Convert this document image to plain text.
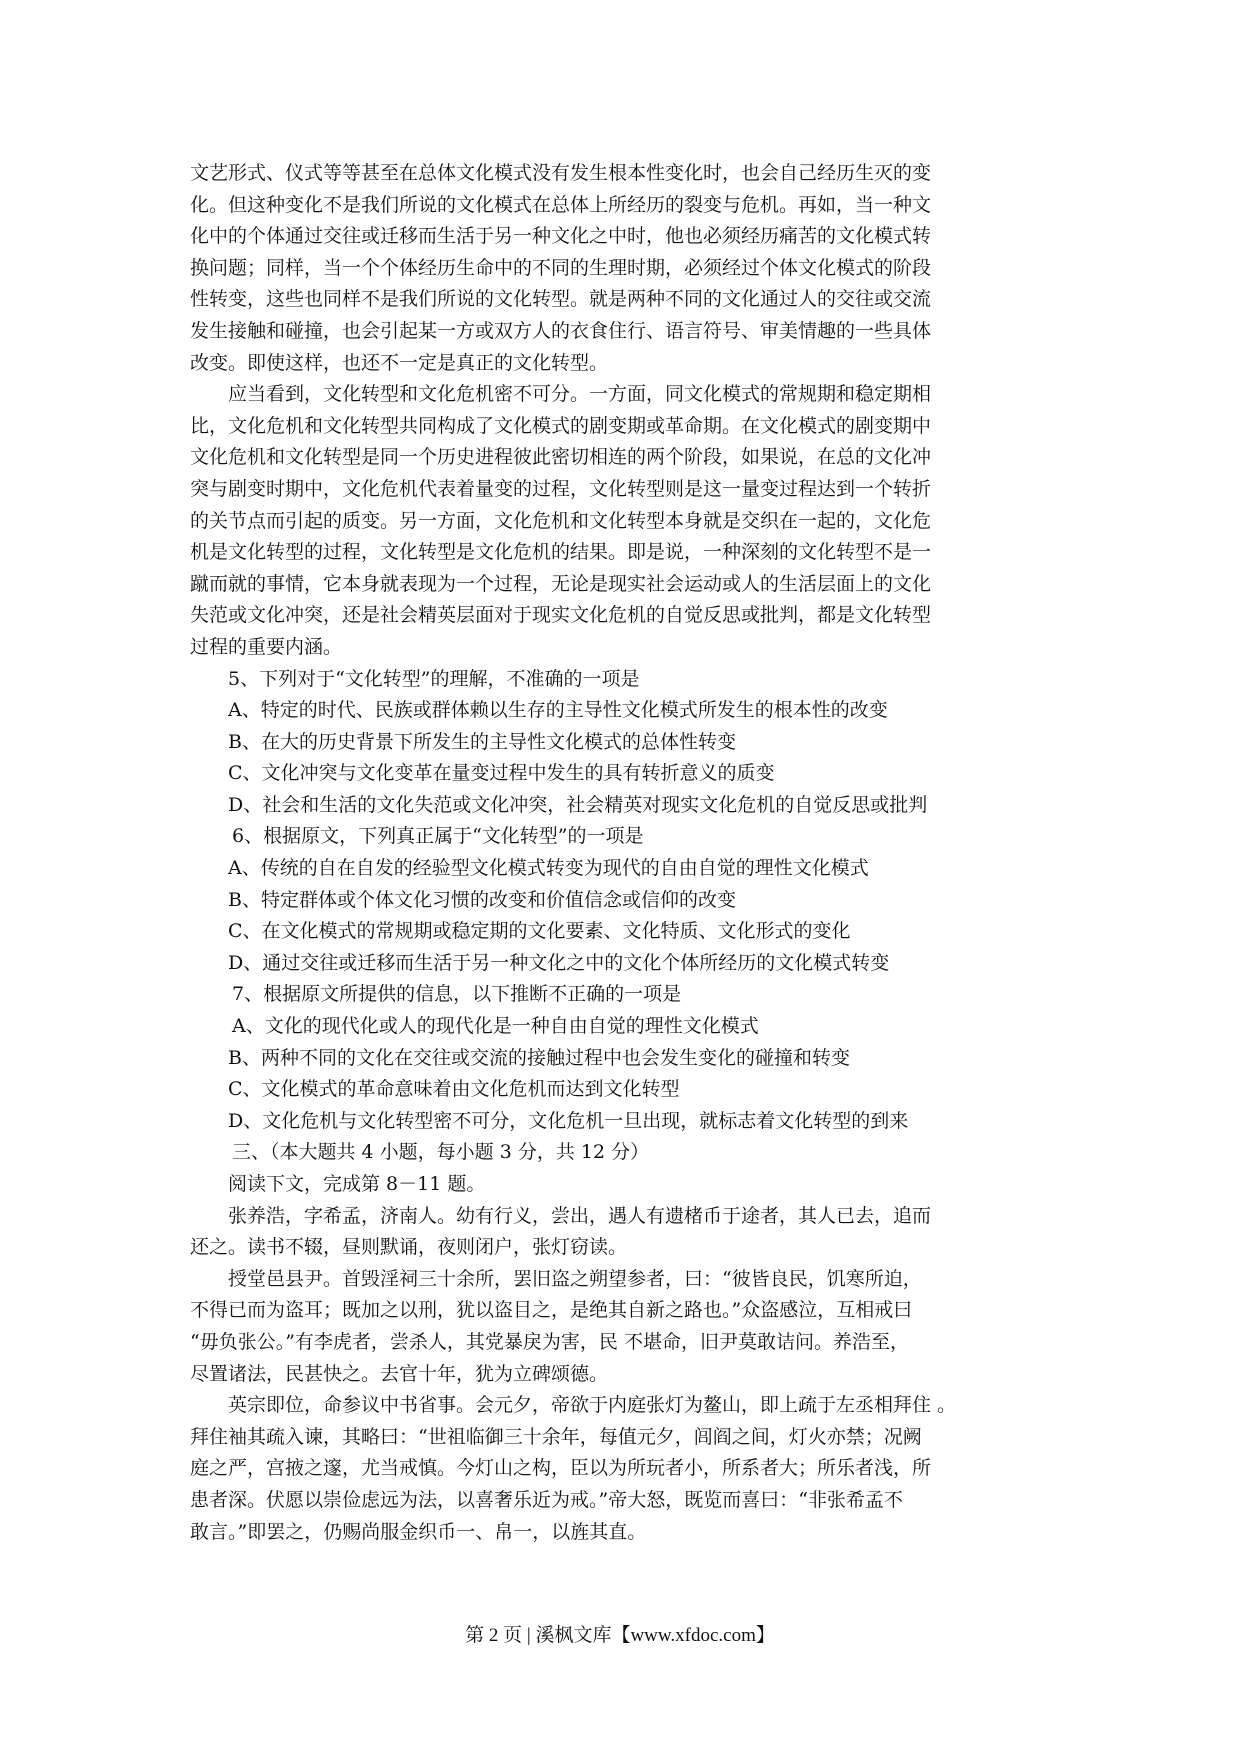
文艺形式、仪式等等甚至在总体文化模式没有发生根本性变化时，也会自己经历生灭的变
化。但这种变化不是我们所说的文化模式在总体上所经历的裂变与危机。再如，当一种文
化中的个体通过交往或迁移而生活于另一种文化之中时，他也必须经历痛苦的文化模式转
换问题；同样，当一个个体经历生命中的不同的生理时期，必须经过个体文化模式的阶段
性转变，这些也同样不是我们所说的文化转型。就是两种不同的文化通过人的交往或交流
发生接触和碰撞，也会引起某一方或双方人的衣食住行、语言符号、审美情趣的一些具体
改变。即使这样，也还不一定是真正的文化转型。
应当看到，文化转型和文化危机密不可分。一方面，同文化模式的常规期和稳定期相
比，文化危机和文化转型共同构成了文化模式的剧变期或革命期。在文化模式的剧变期中
文化危机和文化转型是同一个历史进程彼此密切相连的两个阶段，如果说，在总的文化冲
突与剧变时期中，文化危机代表着量变的过程，文化转型则是这一量变过程达到一个转折
的关节点而引起的质变。另一方面，文化危机和文化转型本身就是交织在一起的，文化危
机是文化转型的过程，文化转型是文化危机的结果。即是说，一种深刻的文化转型不是一
蹴而就的事情，它本身就表现为一个过程，无论是现实社会运动或人的生活层面上的文化
失范或文化冲突，还是社会精英层面对于现实文化危机的自觉反思或批判，都是文化转型
过程的重要内涵。
5、下列对于“文化转型”的理解，不准确的一项是
A、特定的时代、民族或群体赖以生存的主导性文化模式所发生的根本性的改变
B、在大的历史背景下所发生的主导性文化模式的总体性转变
C、文化冲突与文化变革在量变过程中发生的具有转折意义的质变
D、社会和生活的文化失范或文化冲突，社会精英对现实文化危机的自觉反思或批判
6、根据原文，下列真正属于“文化转型”的一项是
A、传统的自在自发的经验型文化模式转变为现代的自由自觉的理性文化模式
B、特定群体或个体文化习惯的改变和价值信念或信仰的改变
C、在文化模式的常规期或稳定期的文化要素、文化特质、文化形式的变化
D、通过交往或迁移而生活于另一种文化之中的文化个体所经历的文化模式转变
7、根据原文所提供的信息，以下推断不正确的一项是
A、文化的现代化或人的现代化是一种自由自觉的理性文化模式
B、两种不同的文化在交往或交流的接触过程中也会发生变化的碰撞和转变
C、文化模式的革命意味着由文化危机而达到文化转型
D、文化危机与文化转型密不可分，文化危机一旦出现，就标志着文化转型的到来
三、（本大题共 4 小题，每小题 3 分，共 12 分）
阅读下文，完成第 8－11 题。
张养浩，字希孟，济南人。幼有行义，尝出，遇人有遗楮币于途者，其人已去，追而
还之。读书不辍，昼则默诵，夜则闭户，张灯窃读。
授堂邑县尹。首毁淫祠三十余所，罢旧盗之朔望参者，曰：“彼皆良民，饥寒所迫，
不得已而为盗耳；既加之以刑，犹以盗目之，是绝其自新之路也。”众盗感泣，互相戒曰
“毋负张公。”有李虎者，尝杀人，其党暴戾为害，民 不堪命，旧尹莫敢诘问。养浩至，
尽置诸法，民甚快之。去官十年，犹为立碑颂德。
英宗即位，命参议中书省事。会元夕，帝欲于内庭张灯为鳌山，即上疏于左丞相拜住 。
拜住袖其疏入谏，其略曰：“世祖临御三十余年，每值元夕，闾阎之间，灯火亦禁；况阙
庭之严，宫掖之邃，尤当戒慎。今灯山之构，臣以为所玩者小，所系者大；所乐者浅，所
患者深。伏愿以崇俭虑远为法，以喜奢乐近为戒。”帝大怒，既览而喜曰：“非张希孟不
敢言。”即罢之，仍赐尚服金织币一、帛一，以旌其直。
第 2 页 | 溪枫文库【www.xfdoc.com】
